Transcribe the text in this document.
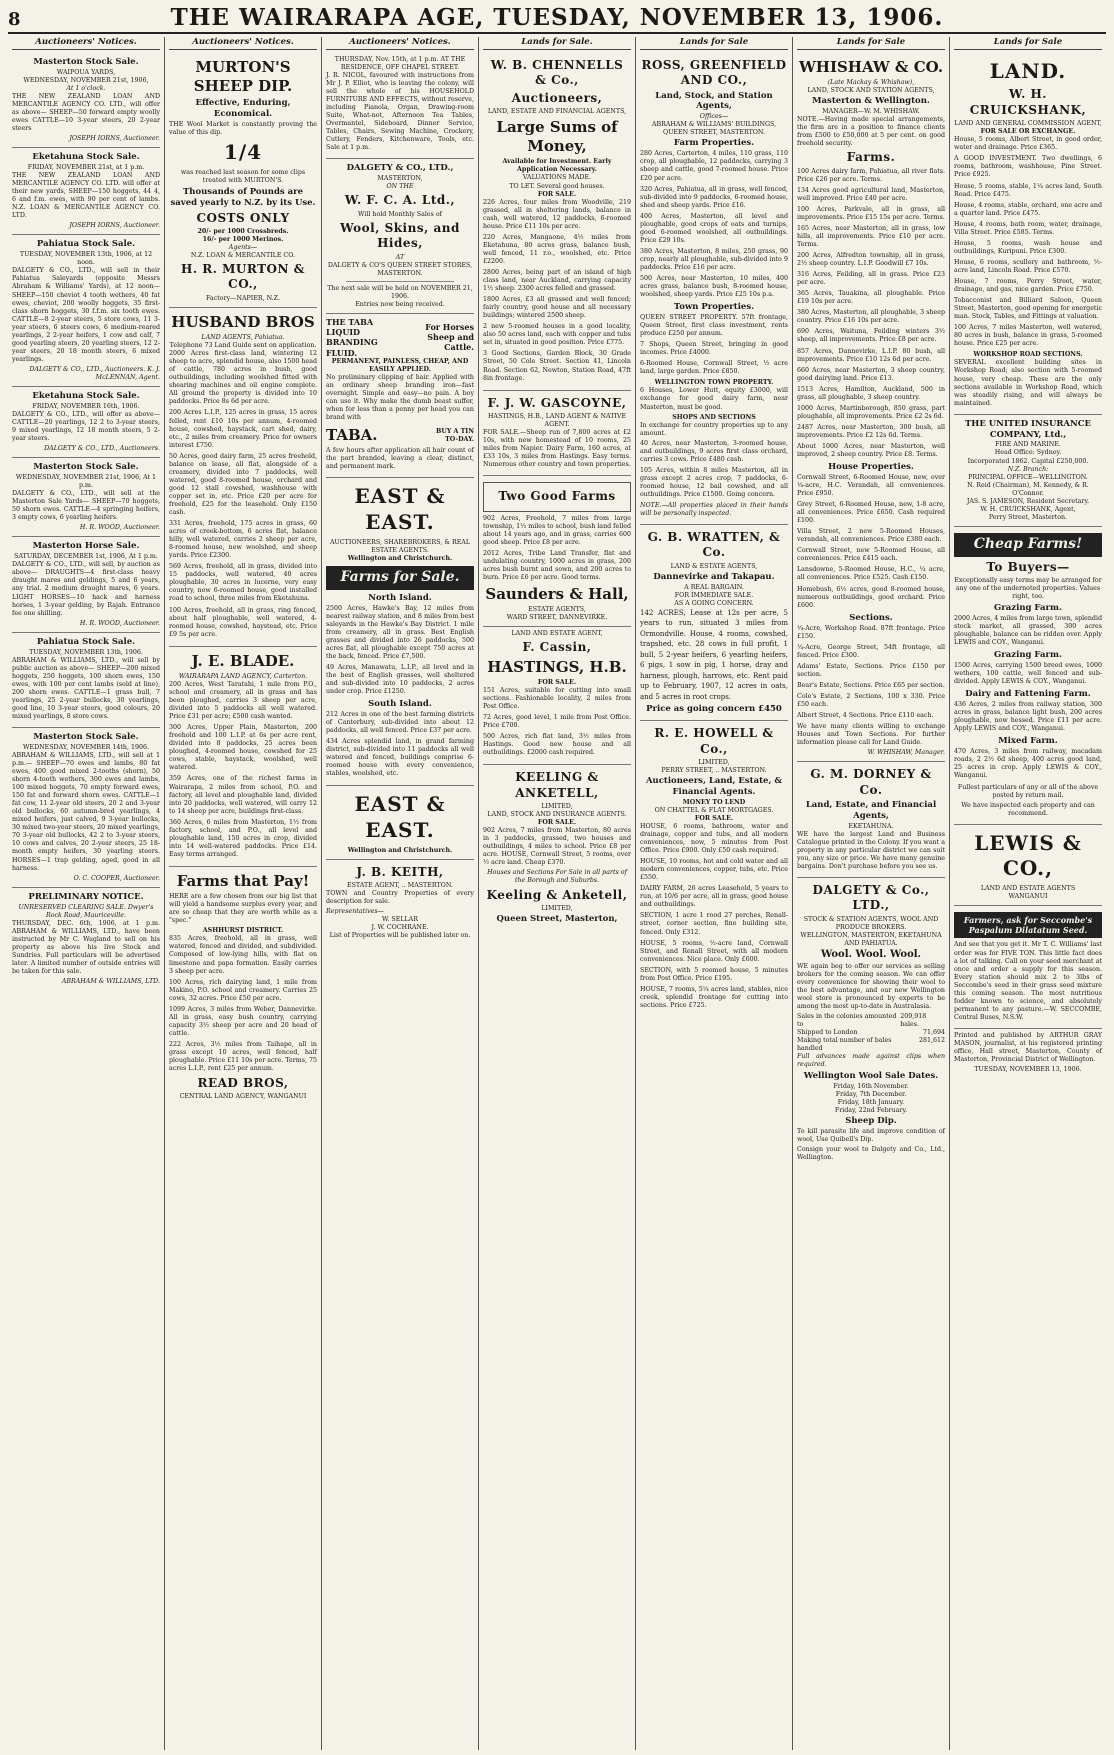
8	THE WAIRARAPA AGE, TUESDAY, NOVEMBER 13, 1906.
Auctioneers' Notices.
Masterton Stock Sale.
WAIPOUA YARDS,
WEDNESDAY, NOVEMBER 21st, 1906,
At 1 o'clock.

THE NEW ZEALAND LOAN AND MERCANTILE AGENCY CO. LTD., will offer as above— SHEEP—50 forward empty woolly ewes CATTLE—10 3-year steers, 20 2-year steers

JOSEPH IORNS, Auctioneer.
Eketahuna Stock Sale.
FRIDAY, NOVEMBER 21st, at 1 p.m.

THE NEW ZEALAND LOAN AND MERCANTILE AGENCY CO. LTD. will offer at their new yards, SHEEP—150 hoggets, 44 4, 6 and f.m. ewes, with 90 per cent of lambs. N.Z. LOAN & MERCANTILE AGENCY CO. LTD.

JOSEPH IORNS, Auctioneer.
Pahiatua Stock Sale.
TUESDAY, NOVEMBER 13th, 1906, at 12 noon.

DALGETY & CO., LTD., will sell in their Pahiatua Saleyards (opposite Messrs Abraham & Williams' Yards), at 12 noon— SHEEP—150 cheviot 4 tooth wethers, 40 fat ewes, cheviot, 200 woolly hoggets, 35 first-class shorn hoggets, 30 f.f.m. six tooth ewes. CATTLE—8 2-year steers, 5 store cows, 11 3-year steers, 6 steers cows, 6 medium-reared yearlings, 2 2-year heifers, 1 cow and calf, 7 good yearling steers, 20 yearling steers, 12 2-year steers, 20 18 month steers, 6 mixed yearlings.

DALGETY & CO., LTD., Auctioneers. K. J. McLENNAN, Agent.
Eketahuna Stock Sale.
FRIDAY, NOVEMBER 16th, 1906.

DALGETY & CO., LTD., will offer as above— CATTLE—20 yearlings, 12 2 to 3-year steers, 9 mixed yearlings, 12 18 month steers, 5 2-year steers.

DALGETY & CO., LTD., Auctioneers.
Masterton Stock Sale.
WEDNESDAY, NOVEMBER 21st, 1906, At 1 p.m.

DALGETY & CO., LTD., will sell at the Masterton Sale Yards— SHEEP—70 hoggets, 50 shorn ewes. CATTLE—4 springing heifers, 3 empty cows, 6 yearling heifers.

H. R. WOOD, Auctioneer.
Masterton Horse Sale.
SATURDAY, DECEMBER 1st, 1906, At 1 p.m.

DALGETY & CO., LTD., will sell, by auction as above— DRAUGHTS—4 first-class heavy draught mares and geldings, 5 and 6 years, any trial. 2 medium draught mares, 6 years. LIGHT HORSES—10 hack and harness horses, 1 3-year gelding, by Rajah. Entrance fee one shilling.

H. R. WOOD, Auctioneer.
Pahiatua Stock Sale.
TUESDAY, NOVEMBER 13th, 1906.

ABRAHAM & WILLIAMS, LTD., will sell by public auction as above— SHEEP—200 mixed hoggets, 250 hoggets, 100 shorn ewes, 150 ewes, with 100 per cent lambs (sold at line), 200 shorn ewes. CATTLE—1 grass bull, 7 yearlings, 25 2-year bullocks, 30 yearlings, good line, 10 3-year steers, good colours, 20 mixed yearlings, 8 store cows.

Masterton Stock Sale.
WEDNESDAY, NOVEMBER 14th, 1906.

ABRAHAM & WILLIAMS, LTD., will sell at 1 p.m.— SHEEP—70 ewes and lambs, 80 fat ewes, 400 good mixed 2-tooths (shorn), 50 shorn 4-tooth wethers, 300 ewes and lambs, 100 mixed hoggets, 70 empty forward ewes, 150 fat and forward shorn ewes. CATTLE—1 fat cow, 11 2-year old steers, 20 2 and 3-year old bullocks, 60 autumn-bred yearlings, 4 mixed heifers, just calved, 9 3-year bullocks, 30 mixed two-year steers, 20 mixed yearlings, 70 3-year old bullocks, 42 2 to 3-year steers, 10 cows and calves, 20 2-year steers, 25 18-month empty heifers, 30 yearling steers. HORSES—1 trap gelding, aged, good in all harness.

O. C. COOPER, Auctioneer.
PRELIMINARY NOTICE.
UNRESERVED CLEARING SALE. Dwyer's Rock Road, Mauriceville.

THURSDAY, DEC. 6th, 1906, at 1 p.m. ABRAHAM & WILLIAMS, LTD., have been instructed by Mr C. Wagland to sell on his property as above his live Stock and Sundries. Full particulars will be advertised later. A limited number of outside entries will be taken for this sale.

ABRAHAM & WILLIAMS, LTD.
Auctioneers' Notices.
MURTON'S SHEEP DIP.
Effective, Enduring, Economical.

THE Wool Market is constantly proving the value of this dip.

1/4

was reached last season for some clips treated with MURTON'S.

Thousands of Pounds are saved yearly to N.Z. by its Use.
COSTS ONLY
20/- per 1000 Crossbreds.
16/- per 1000 Merinos.
Agents—
N.Z. LOAN & MERCANTILE CO.
H. R. MURTON & CO.,
Factory—NAPIER, N.Z.
HUSBAND BROS
LAND AGENTS, Pahiatua.
Telephone 73 Land Guide sent on application.

2000 Acres first-class land, wintering 12 sheep to acre, splendid house, also 1500 head of cattle, 780 acres in bush, good outbuildings, including woolshed fitted with shearing machines and oil engine complete. All ground the property is divided into 10 paddocks. Price 8s 6d per acre.

200 Acres L.I.P., 125 acres in grass, 15 acres felled, rent £10 10s per annum, 4-roomed house, cowshed, haystack, cart shed, dairy, etc., 2 miles from creamery. Price for owners interest £750.

50 Acres, good dairy farm, 25 acres freehold, balance on lease, all flat, alongside of a creamery, divided into 7 paddocks, well watered, good 8-roomed house, orchard and good 12 stall cowshed, washhouse with copper set in, etc. Price £20 per acre for freehold, £25 for the leasehold. Only £150 cash.

331 Acres, freehold, 175 acres in grass, 60 acres of creek-bottom, 6 acres flat, balance hilly, well watered, carries 2 sheep per acre, 8-roomed house, new woolshed, and sheep yards. Price £2300.

569 Acres, freehold, all in grass, divided into 15 paddocks, well watered, 40 acres ploughable, 30 acres in lucerne, very easy country, new 6-roomed house, good installed road to school, three miles from Eketahuna.

100 Acres, freehold, all in grass, ring fenced, about half ploughable, well watered, 4-roomed house, cowshed, haystead, etc. Price £9 5s per acre.

J. E. BLADE.
WAIRARAPA LAND AGENCY, Carterton.

200 Acres, West Taratahi, 1 mile from P.O., school and creamery, all in grass and has been ploughed, carries 3 sheep per acre, divided into 5 paddocks all well watered. Price £31 per acre; £500 cash wanted.

300 Acres, Upper Plain, Masterton, 200 freehold and 100 L.I.P. at 6s per acre rent, divided into 8 paddocks, 25 acres been ploughed, 4-roomed house, cowshed for 25 cows, stable, haystack, woolshed, well watered.

359 Acres, one of the richest farms in Wairarapa, 2 miles from school, P.O. and factory, all level and ploughable land, divided into 20 paddocks, well watered, will carry 12 to 14 sheep per acre, buildings first-class.

360 Acres, 6 miles from Masterton, 1½ from factory, school, and P.O., all level and ploughable land, 150 acres in crop, divided into 14 well-watered paddocks. Price £14. Easy terms arranged.

Farms that Pay!

HERE are a few chosen from our big list that will yield a handsome surplus every year, and are so cheap that they are worth while as a "spec."

ASHHURST DISTRICT.

835 Acres, freehold, all in grass, well watered, fenced and divided, and subdivided. Composed of low-lying hills, with flat on limestone and papa formation. Easily carries 3 sheep per acre.

100 Acres, rich dairying land, 1 mile from Makino, P.O. school and creamery. Carries 25 cows, 32 acres. Price £50 per acre.

1099 Acres, 3 miles from Weber, Dannevirke. All in grass, easy bush country, carrying capacity 3½ sheep per acre and 20 head of cattle.

222 Acres, 3½ miles from Taihape, all in grass except 10 acres, well fenced, half ploughable. Price £11 10s per acre. Terms, 75 acres L.I.P., rent £25 per annum.

READ BROS,
CENTRAL LAND AGENCY, WANGANUI
Auctioneers' Notices.
THURSDAY, Nov. 15th, at 1 p.m. AT THE RESIDENCE, OFF CHAPEL STREET.

J. R. NICOL, favoured with instructions from Mr J. P. Elliot, who is leaving the colony, will sell the whole of his HOUSEHOLD FURNITURE AND EFFECTS, without reserve, including Pianola, Organ, Drawing-room Suite, What-not, Afternoon Tea Tables, Overmantel, Sideboard, Dinner Service, Tables, Chairs, Sewing Machine, Crockery, Cutlery, Fenders, Kitchenware, Tools, etc. Sale at 1 p.m.

DALGETY & CO., LTD.,
MASTERTON,
ON THE
W. F. C. A. Ltd.,
Will hold Monthly Sales of
Wool, Skins, and Hides,
AT
DALGETY & CO'S QUEEN STREET STORES, MASTERTON.
The next sale will be held on NOVEMBER 21, 1906.
Entries now being received.
THE TABA LIQUID BRANDING FLUID.
For Horses Sheep and Cattle.
PERMANENT, PAINLESS, CHEAP, AND EASILY APPLIED.

No preliminary clipping of hair. Applied with an ordinary sheep branding iron—fast overnight. Simple and easy—no pain. A boy can use it. Why make the dumb beast suffer, when for less than a penny per head you can brand with

TABA.	BUY A TIN TO-DAY.

A few hours after application all hair count of the part branded, leaving a clear, distinct, and permanent mark.

EAST & EAST.
AUCTIONEERS, SHAREBROKERS, & REAL ESTATE AGENTS.
Wellington and Christchurch.
Farms for Sale.
North Island.

2500 Acres, Hawke's Bay, 12 miles from nearest railway station, and 8 miles from best saleyards in the Hawke's Bay District. 1 mile from creamery, all in grass. Best English grasses and divided into 26 paddocks, 500 acres flat, all ploughable except 750 acres at the back, fenced. Price £7,500.

49 Acres, Manawatu, L.I.P., all level and in the best of English grasses, well sheltered and sub-divided into 10 paddocks, 2 acres under crop. Price £1250.

South Island.

212 Acres in one of the best farming districts of Canterbury, sub-divided into about 12 paddocks, all well fenced. Price £37 per acre.

434 Acres splendid land, in grand farming district, sub-divided into 11 paddocks all well watered and fenced, buildings comprise 6-roomed house with every convenience, stables, woolshed, etc.

EAST & EAST.
Wellington and Christchurch.
J. B. KEITH,
ESTATE AGENT, .. MASTERTON.

TOWN and Country Properties of every description for sale.

Representatives—
W. SELLAR
J. W. COCHRANE.

List of Properties will be published later on.

Lands for Sale.
W. B. CHENNELLS & Co.,
Auctioneers,
LAND, ESTATE AND FINANCIAL AGENTS,
Large Sums of Money,
Available for Investment. Early Application Necessary.
VALUATIONS MADE.
TO LET. Several good houses.
FOR SALE.

226 Acres, four miles from Woodville, 219 grassed, all in sheltering lands, balance in cash, well watered, 12 paddocks, 6-roomed house. Price £11 10s per acre.

220 Acres, Mangaone, 4½ miles from Eketahuna, 80 acres grass, balance bush, well fenced, 11 r.o., woolshed, etc. Price £2200.

2800 Acres, being part of an island of high class land, near Auckland, carrying capacity 1½ sheep. 2300 acres felled and grassed.

1800 Acres, £3 all grassed and well fenced; fairly country, good house and all necessary buildings; wintered 2500 sheep.

2 new 5-roomed houses in a good locality, also 50 acres land, each with copper and tubs set in, situated in good position. Price £775.

3 Good Sections, Garden Block, 30 Grade Street, 50 Cole Street. Section 41, Lincoln Road. Section 62, Newton, Station Road, 47ft 8in frontage.

F. J. W. GASCOYNE,
HASTINGS, H.B., LAND AGENT & NATIVE AGENT.

FOR SALE.—Sheep run of 7,800 acres at £2 10s, with new homestead of 10 rooms, 25 miles from Napier. Dairy Farm, 160 acres, at £33 10s, 3 miles from Hastings. Easy terms. Numerous other country and town properties.

Two Good Farms

902 Acres, Freehold, 7 miles from large township, 1½ miles to school, bush land felled about 14 years ago, and in grass, carries 600 good sheep. Price £8 per acre.

2012 Acres, Tribe Land Transfer, flat and undulating country, 1000 acres in grass, 200 acres bush burnt and sown, and 200 acres to burn. Price £6 per acre. Good terms.

Saunders & Hall,
ESTATE AGENTS,
WARD STREET, DANNEVIRKE.
LAND AND ESTATE AGENT,
F. Cassin,
HASTINGS, H.B.
FOR SALE.

151 Acres, suitable for cutting into small sections. Fashionable locality, 2 miles from Post Office.

72 Acres, good level, 1 mile from Post Office. Price £700.

500 Acres, rich flat land, 3½ miles from Hastings. Good new house and all outbuildings. £2000 cash required.

KEELING & ANKETELL,
LIMITED,
LAND, STOCK AND INSURANCE AGENTS.
FOR SALE.

902 Acres, 7 miles from Masterton, 80 acres in 3 paddocks, grassed, two houses and outbuildings, 4 miles to school. Price £8 per acre. HOUSE, Cornwall Street, 5 rooms, over ½ acre land. Cheap £370.

Houses and Sections For Sale in all parts of the Borough and Suburbs.

Keeling & Anketell,
LIMITED,
Queen Street, Masterton,
Lands for Sale
ROSS, GREENFIELD AND CO.,
Land, Stock, and Station Agents,
Offices—
ABRAHAM & WILLIAMS' BUILDINGS, QUEEN STREET, MASTERTON.
Farm Properties.

280 Acres, Carterton, 4 miles, 110 grass, 110 crop, all ploughable, 12 paddocks, carrying 3 sheep and cattle, good 7-roomed house. Price £20 per acre.

320 Acres, Pahiatua, all in grass, well fenced, sub-divided into 9 paddocks, 6-roomed house, shed and sheep yards. Price £16.

400 Acres, Masterton, all level and ploughable, good crops of oats and turnips, good 6-roomed woolshed, all outbuildings. Price £29 10s.

380 Acres, Masterton, 8 miles, 250 grass, 90 crop, nearly all ploughable, sub-divided into 9 paddocks. Price £16 per acre.

500 Acres, near Masterton, 10 miles, 400 acres grass, balance bush, 8-roomed house, woolshed, sheep yards. Price £25 10s p.a.

Town Properties.

QUEEN STREET PROPERTY. 57ft frontage, Queen Street, first class investment, rents produce £250 per annum.

7 Shops, Queen Street, bringing in good incomes. Price £4000.

6-Roomed House, Cornwall Street, ½ acre land, large garden. Price £850.

WELLINGTON TOWN PROPERTY.

6 Houses, Lower Hutt, equity £3000, will exchange for good dairy farm, near Masterton, must be good.

SHOPS AND SECTIONS

In exchange for country properties up to any amount.

40 Acres, near Masterton, 3-roomed house, and outbuildings, 9 acres first class orchard, carries 3 cows. Price £480 cash.

105 Acres, within 8 miles Masterton, all in grass except 2 acres crop, 7 paddocks, 6-roomed house, 12 bail cowshed, and all outbuildings. Price £1500. Going concern.

NOTE.—All properties placed in their hands will be personally inspected.

G. B. WRATTEN, & Co.
LAND & ESTATE AGENTS,
Dannevirke and Takapau.
A REAL BARGAIN.
FOR IMMEDIATE SALE.
AS A GOING CONCERN.

142 ACRES, Lease at 12s per acre, 5 years to run, situated 3 miles from Ormondville. House, 4 rooms, cowshed, trapshed, etc. 28 cows in full profit, 1 bull, 5 2-year heifers, 6 yearling heifers, 6 pigs, 1 sow in pig, 1 horse, dray and harness, plough, harrows, etc. Rent paid up to February, 1907, 12 acres in oats, and 5 acres in root crops.

Price as going concern £450
R. E. HOWELL & Co.,
LIMITED,
PERRY STREET, .. MASTERTON.
Auctioneers, Land, Estate, & Financial Agents.
MONEY TO LEND
ON CHATTEL & FLAT MORTGAGES.
FOR SALE.

HOUSE, 6 rooms, bathroom, water and drainage, copper and tubs, and all modern conveniences, now, 5 minutes from Post Office. Price £900. Only £50 cash required.

HOUSE, 10 rooms, hot and cold water and all modern conveniences, copper, tubs, etc. Price £550.

DAIRY FARM, 26 acres Leasehold, 5 years to run, at 10/6 per acre, all in grass, good house and outbuildings.

SECTION, 1 acre 1 rood 27 perches, Renall-street, corner section, fine building site, fenced. Only £312.

HOUSE, 5 rooms, ½-acre land, Cornwall Street, and Renall Street, with all modern conveniences. Nice place. Only £600.

SECTION, with 5 roomed house, 5 minutes from Post Office. Price £195.

HOUSE, 7 rooms, 5¼ acres land, stables, nice creek, splendid frontage for cutting into sections. Price £725.

Lands for Sale
WHISHAW & CO.
(Late Mackay & Whishaw),
LAND, STOCK AND STATION AGENTS,
Masterton & Wellington.
MANAGER—W. M. WHISHAW.

NOTE.—Having made special arrangements, the firm are in a position to finance clients from £500 to £50,000 at 5 per cent. on good freehold security.

Farms.

100 Acres dairy farm, Pahiatua, all river flats. Price £26 per acre. Terms.

134 Acres good agricultural land, Masterton, well improved. Price £40 per acre.

100 Acres, Parkvale, all in grass, all improvements. Price £15 15s per acre. Terms.

165 Acres, near Masterton, all in grass, low hills, all improvements. Price £10 per acre. Terms.

200 Acres, Alfredton township, all in grass, 2½ sheep country. L.I.P. Goodwill £7 10s.

316 Acres, Feilding, all in grass. Price £23 per acre.

365 Acres, Tauakina, all ploughable. Price £19 10s per acre.

380 Acres, Masterton, all ploughable, 3 sheep country. Price £16 10s per acre.

690 Acres, Waituna, Feilding winters 3½ sheep, all improvements. Price £8 per acre.

857 Acres, Dannevirke, L.I.P. 80 bush, all improvements. Price £10 12s 6d per acre.

660 Acres, near Masterton, 3 sheep country, good dairying land. Price £13.

1513 Acres, Hamilton, Auckland, 500 in grass, all ploughable, 3 sheep country.

1000 Acres, Martinborough, 850 grass, part ploughable, all improvements. Price £2 2s 6d.

2487 Acres, near Masterton, 300 bush, all improvements. Price £2 12s 6d. Terms.

About 1000 Acres, near Masterton, well improved, 2 sheep country. Price £8. Terms.

House Properties.

Cornwall Street, 6-Roomed House, new, over ¼-acre, H.C. Verandah, all conveniences. Price £950.

Grey Street, 6-Roomed House, new, 1-8 acre, all conveniences. Price £650. Cash required £100.

Villa Street, 2 new 5-Roomed Houses, verandah, all conveniences. Price £380 each.

Cornwall Street, new 5-Roomed House, all conveniences. Price £415 each.

Lansdowne, 5-Roomed House, H.C., ¼ acre, all conveniences. Price £525. Cash £150.

Homebush, 6½ acres, good 8-roomed house, numerous outbuildings, good orchard. Price £600.

Sections.

¼-Acre, Workshop Road. 87ft frontage. Price £150.

¼-Acre, George Street, 54ft frontage, all fenced. Price £300.

Adams' Estate, Sections. Price £150 per section.

Bear's Estate, Sections. Price £65 per section.

Cole's Estate, 2 Sections, 100 x 330. Price £50 each.

Albert Street, 4 Sections. Price £110 each.

We have many clients willing to exchange Houses and Town Sections. For further information please call for Land Guide.

W. WHISHAW, Manager.
G. M. DORNEY & Co.
Land, Estate, and Financial Agents,
EKETAHUNA.

WE have the largest Land and Business Catalogue printed in the Colony. If you want a property in any particular district we can suit you, any size or price. We have many genuine bargains. Don't purchase before you see us.

DALGETY & Co., LTD.,
STOCK & STATION AGENTS, WOOL AND PRODUCE BROKERS.
WELLINGTON, MASTERTON, EKETAHUNA AND PAHIATUA.
Wool. Wool. Wool.

WE again beg to offer our services as selling brokers for the coming season. We can offer every convenience for showing their wool to the best advantage, and our new Wellington wool store is pronounced by experts to be among the most up-to-date in Australasia.

Sales in the colonies amounted to
209,918 bales.
Shipped to London	71,694
Making total number of bales handled
281,612

Full advances made against clips when required.

Wellington Wool Sale Dates.
Friday, 16th November.
Friday, 7th December.
Friday, 18th January.
Friday, 22nd February.
Sheep Dip.

To kill parasite life and improve condition of wool, Use Quibell's Dip.

Consign your wool to Dalgety and Co., Ltd., Wellington.

Lands for Sale
LAND.
W. H. CRUICKSHANK,
LAND AND GENERAL COMMISSION AGENT,
FOR SALE OR EXCHANGE.

House, 5 rooms, Albert Street, in good order, water and drainage. Price £365.

A GOOD INVESTMENT. Two dwellings, 6 rooms, bathroom, washhouse, Pine Street. Price £925.

House, 5 rooms, stable, 1¼ acres land, South Road. Price £475.

House, 4 rooms, stable, orchard, one acre and a quarter land. Price £475.

House, 4 rooms, bath room, water, drainage, Villa Street. Price £585. Terms.

House, 5 rooms, wash house and outbuildings, Kuripuni. Price £300.

House, 6 rooms, scullery and bathroom, ½-acre land, Lincoln Road. Price £570.

House, 7 rooms, Perry Street, water, drainage, and gas, nice garden. Price £750.

Tobacconist and Billiard Saloon, Queen Street, Masterton, good opening for energetic man. Stock, Tables, and Fittings at valuation.

100 Acres, 7 miles Masterton, well watered, 80 acres in bush, balance in grass, 5-roomed house. Price £25 per acre.

WORKSHOP ROAD SECTIONS.

SEVERAL excellent building sites in Workshop Road; also section with 5-roomed house, very cheap. These are the only sections available in Workshop Road, which was steadily rising, and will always be maintained.

THE UNITED INSURANCE COMPANY, Ltd.,
FIRE AND MARINE.
Head Office: Sydney.
Incorporated 1862. Capital £250,000.
N.Z. Branch:
PRINCIPAL OFFICE—WELLINGTON.
N. Reid (Chairman), M. Kennedy, & R. O'Connor.
JAS. S. JAMESON, Resident Secretary.
W. H. CRUICKSHANK, Agent,
Perry Street, Masterton.
Cheap Farms!
To Buyers—

Exceptionally easy terms may be arranged for any one of the undernoted properties. Values right, too.

Grazing Farm.

2000 Acres, 4 miles from large town, splendid stock market, all grassed, 300 acres ploughable, balance can be ridden over. Apply LEWIS and COY., Wanganui.

Grazing Farm.

1500 Acres, carrying 1500 breed ewes, 1000 wethers, 100 cattle, well fenced and sub-divided. Apply LEWIS & COY., Wanganui.

Dairy and Fattening Farm.

436 Acres, 2 miles from railway station, 300 acres in grass, balance light bush, 200 acres ploughable, now hessed. Price £11 per acre. Apply LEWIS and COY., Wanganui.

Mixed Farm.

470 Acres, 3 miles from railway, macadam roads, 2 2½ 6d sheep, 400 acres good land, 25 acres in crop. Apply LEWIS & COY., Wanganui.

Fullest particulars of any or all of the above posted by return mail.

We have inspected each property and can recommend.

LEWIS & CO.,
LAND AND ESTATE AGENTS
WANGANUI
Farmers, ask for Seccombe's Paspalum Dilatatum Seed.

And see that you get it. Mr T. C. Williams' last order was for FIVE TON. This little fact does a lot of talking. Call on your seed merchant at once and order a supply for this season. Every station should mix 2 to 3lbs of Seccombe's seed in their grass seed mixture this coming season. The most nutritious fodder known to science, and absolutely permanent to any pasture.—W. SECCOMBE, Central Buses, N.S.W.

Printed and published by ARTHUR GRAY MASON, journalist, at his registered printing office, Hall street, Masterton, County of Masterton, Provincial District of Wellington.

TUESDAY, NOVEMBER 13, 1906.
